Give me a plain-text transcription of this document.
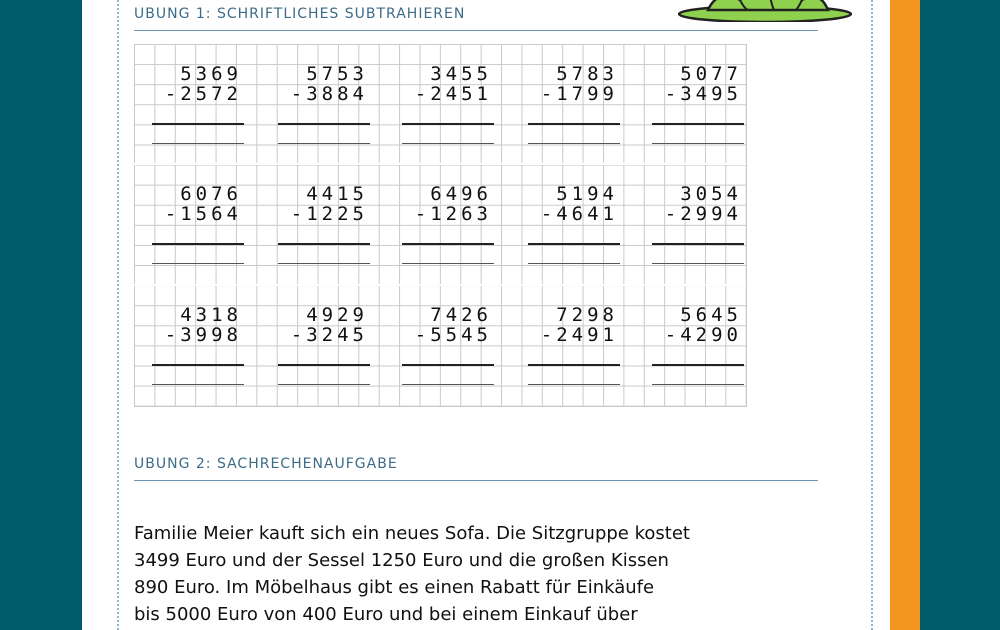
UBUNG 1: SCHRIFTLICHES SUBTRAHIEREN
5369
-2572
5753
-3884
3455
-2451
5783
-1799
5077
-3495
6076
-1564
4415
-1225
6496
-1263
5194
-4641
3054
-2994
4318
-3998
4929
-3245
7426
-5545
7298
-2491
5645
-4290
UBUNG 2: SACHRECHENAUFGABE
Familie Meier kauft sich ein neues Sofa. Die Sitzgruppe kostet
3499 Euro und der Sessel 1250 Euro und die großen Kissen
890 Euro. Im Möbelhaus gibt es einen Rabatt für Einkäufe
bis 5000 Euro von 400 Euro und bei einem Einkauf über
